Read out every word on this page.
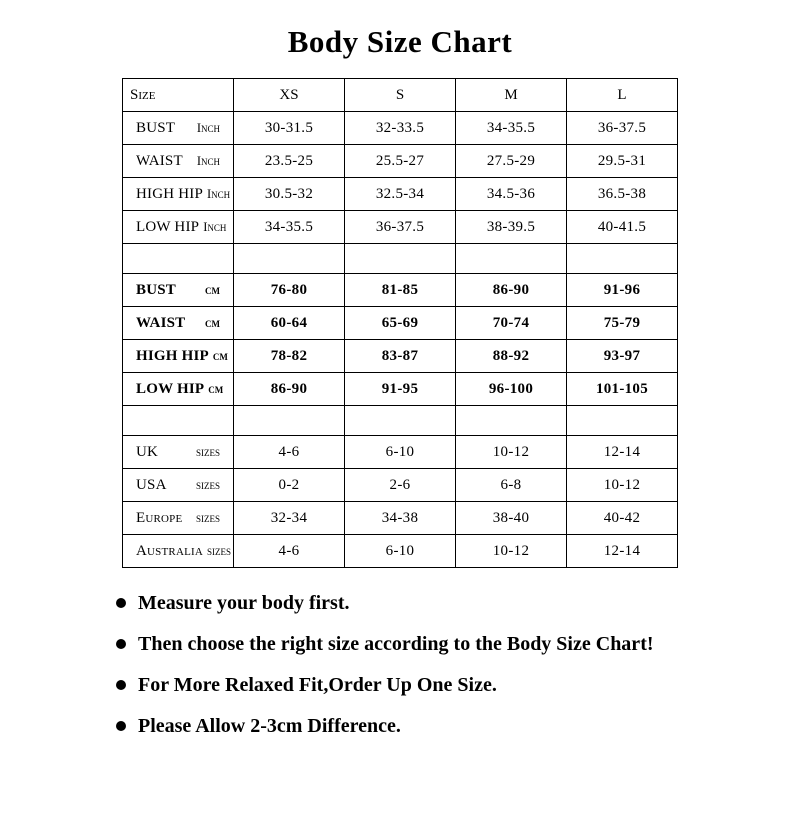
Body Size Chart
Size	XS	S	M	L

BUST Inch	30-31.5	32-33.5	34-35.5	36-37.5

WAIST Inch	23.5-25	25.5-27	27.5-29	29.5-31

HIGH HIP Inch	30.5-32	32.5-34	34.5-36	36.5-38

LOW HIP Inch	34-35.5	36-37.5	38-39.5	40-41.5

BUST cm	76-80	81-85	86-90	91-96

WAIST cm	60-64	65-69	70-74	75-79

HIGH HIP cm	78-82	83-87	88-92	93-97

LOW HIP cm	86-90	91-95	96-100	101-105

UK sizes	4-6	6-10	10-12	12-14

USA sizes	0-2	2-6	6-8	10-12

Europe sizes	32-34	34-38	38-40	40-42

Australia sizes	4-6	6-10	10-12	12-14
Measure your body first.
Then choose the right size according to the Body Size Chart!
For More Relaxed Fit,Order Up One Size.
Please Allow 2-3cm Difference.
